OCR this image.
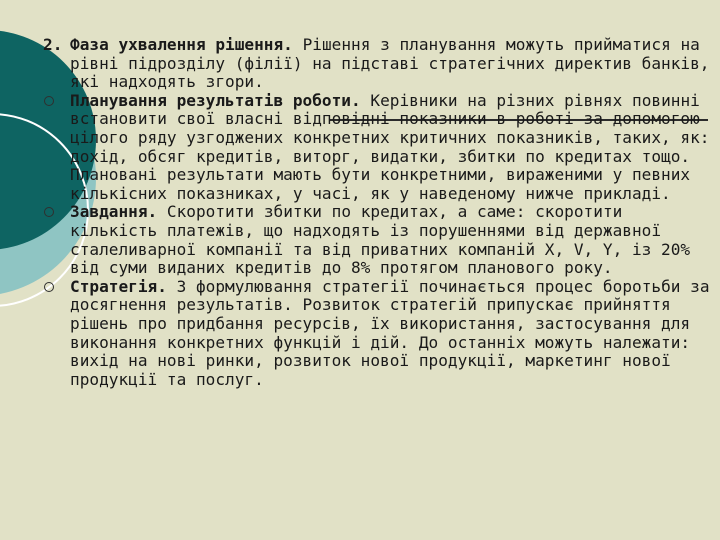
2. Фаза ухвалення рішення. Рішення з планування можуть прийматися на рівні підрозділу (філії) на підставі стратегічних директив банків, які надходять згори.

Планування результатів роботи. Керівники на різних рівнях повинні встановити свої власні відповідні показники в роботі за допомогою цілого ряду узгоджених конкретних критичних показників, таких, як: дохід, обсяг кредитів, виторг, видатки, збитки по кредитах тощо. Плановані результати мають бути конкретними, вираженими у певних кількісних показниках, у часі, як у наведеному нижче прикладі.

Завдання. Скоротити збитки по кредитах, а саме: скоротити кількість платежів, що надходять із порушеннями від державної сталеливарної компанії та від приватних компаній X, V, Y, із 20% від суми виданих кредитів до 8% протягом планового року.

Стратегія. З формулювання стратегії починається процес боротьби за досягнення результатів. Розвиток стратегій припускає прийняття рішень про придбання ресурсів, їх використання, застосування для виконання конкретних функцій і дій. До останніх можуть належати: вихід на нові ринки, розвиток нової продукції, маркетинг нової продукції та послуг.
